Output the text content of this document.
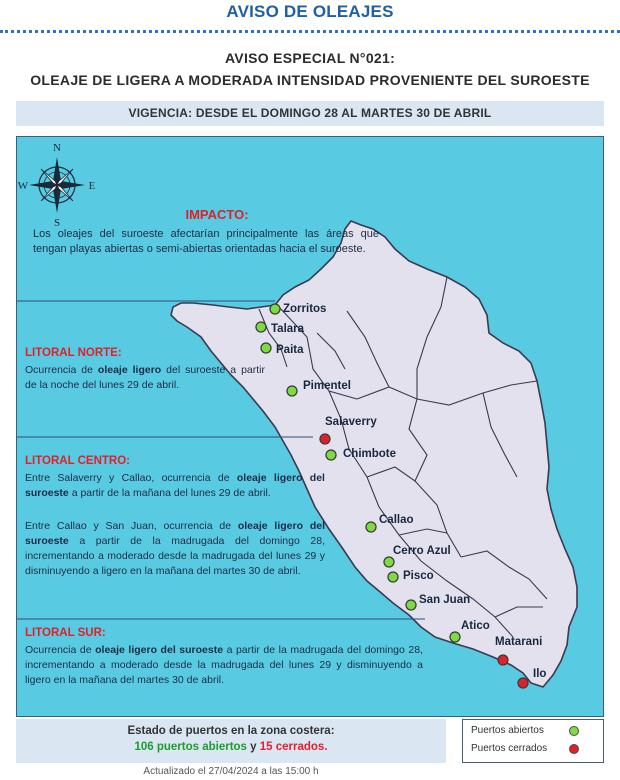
AVISO DE OLEAJES
AVISO ESPECIAL N°021:
OLEAJE DE LIGERA A MODERADA INTENSIDAD PROVENIENTE DEL SUROESTE
VIGENCIA: DESDE EL DOMINGO 28 AL MARTES 30 DE ABRIL
N
S
W	E
IMPACTO:
Los oleajes del suroeste afectarían principalmente las áreas que tengan playas abiertas o semi-abiertas orientadas hacia el suroeste.
LITORAL NORTE:
Ocurrencia de oleaje ligero del suroeste a partir de la noche del lunes 29 de abril.
LITORAL CENTRO:
Entre Salaverry y Callao, ocurrencia de oleaje ligero del suroeste a partir de la mañana del lunes 29 de abril.
Entre Callao y San Juan, ocurrencia de oleaje ligero del suroeste a partir de la madrugada del domingo 28, incrementando a moderado desde la madrugada del lunes 29 y disminuyendo a ligero en la mañana del martes 30 de abril.
LITORAL SUR:
Ocurrencia de oleaje ligero del suroeste a partir de la madrugada del domingo 28, incrementando a moderado desde la madrugada del lunes 29 y disminuyendo a ligero en la mañana del martes 30 de abril.
Zorritos
Talara
Paita
Pimentel
Salaverry
Chimbote
Callao
Cerro Azul
Pisco
San Juan
Atico
Matarani
Ilo
Estado de puertos en la zona costera:
106 puertos abiertos y 15 cerrados.
Puertos abiertos
Puertos cerrados
Actualizado el 27/04/2024 a las 15:00 h
